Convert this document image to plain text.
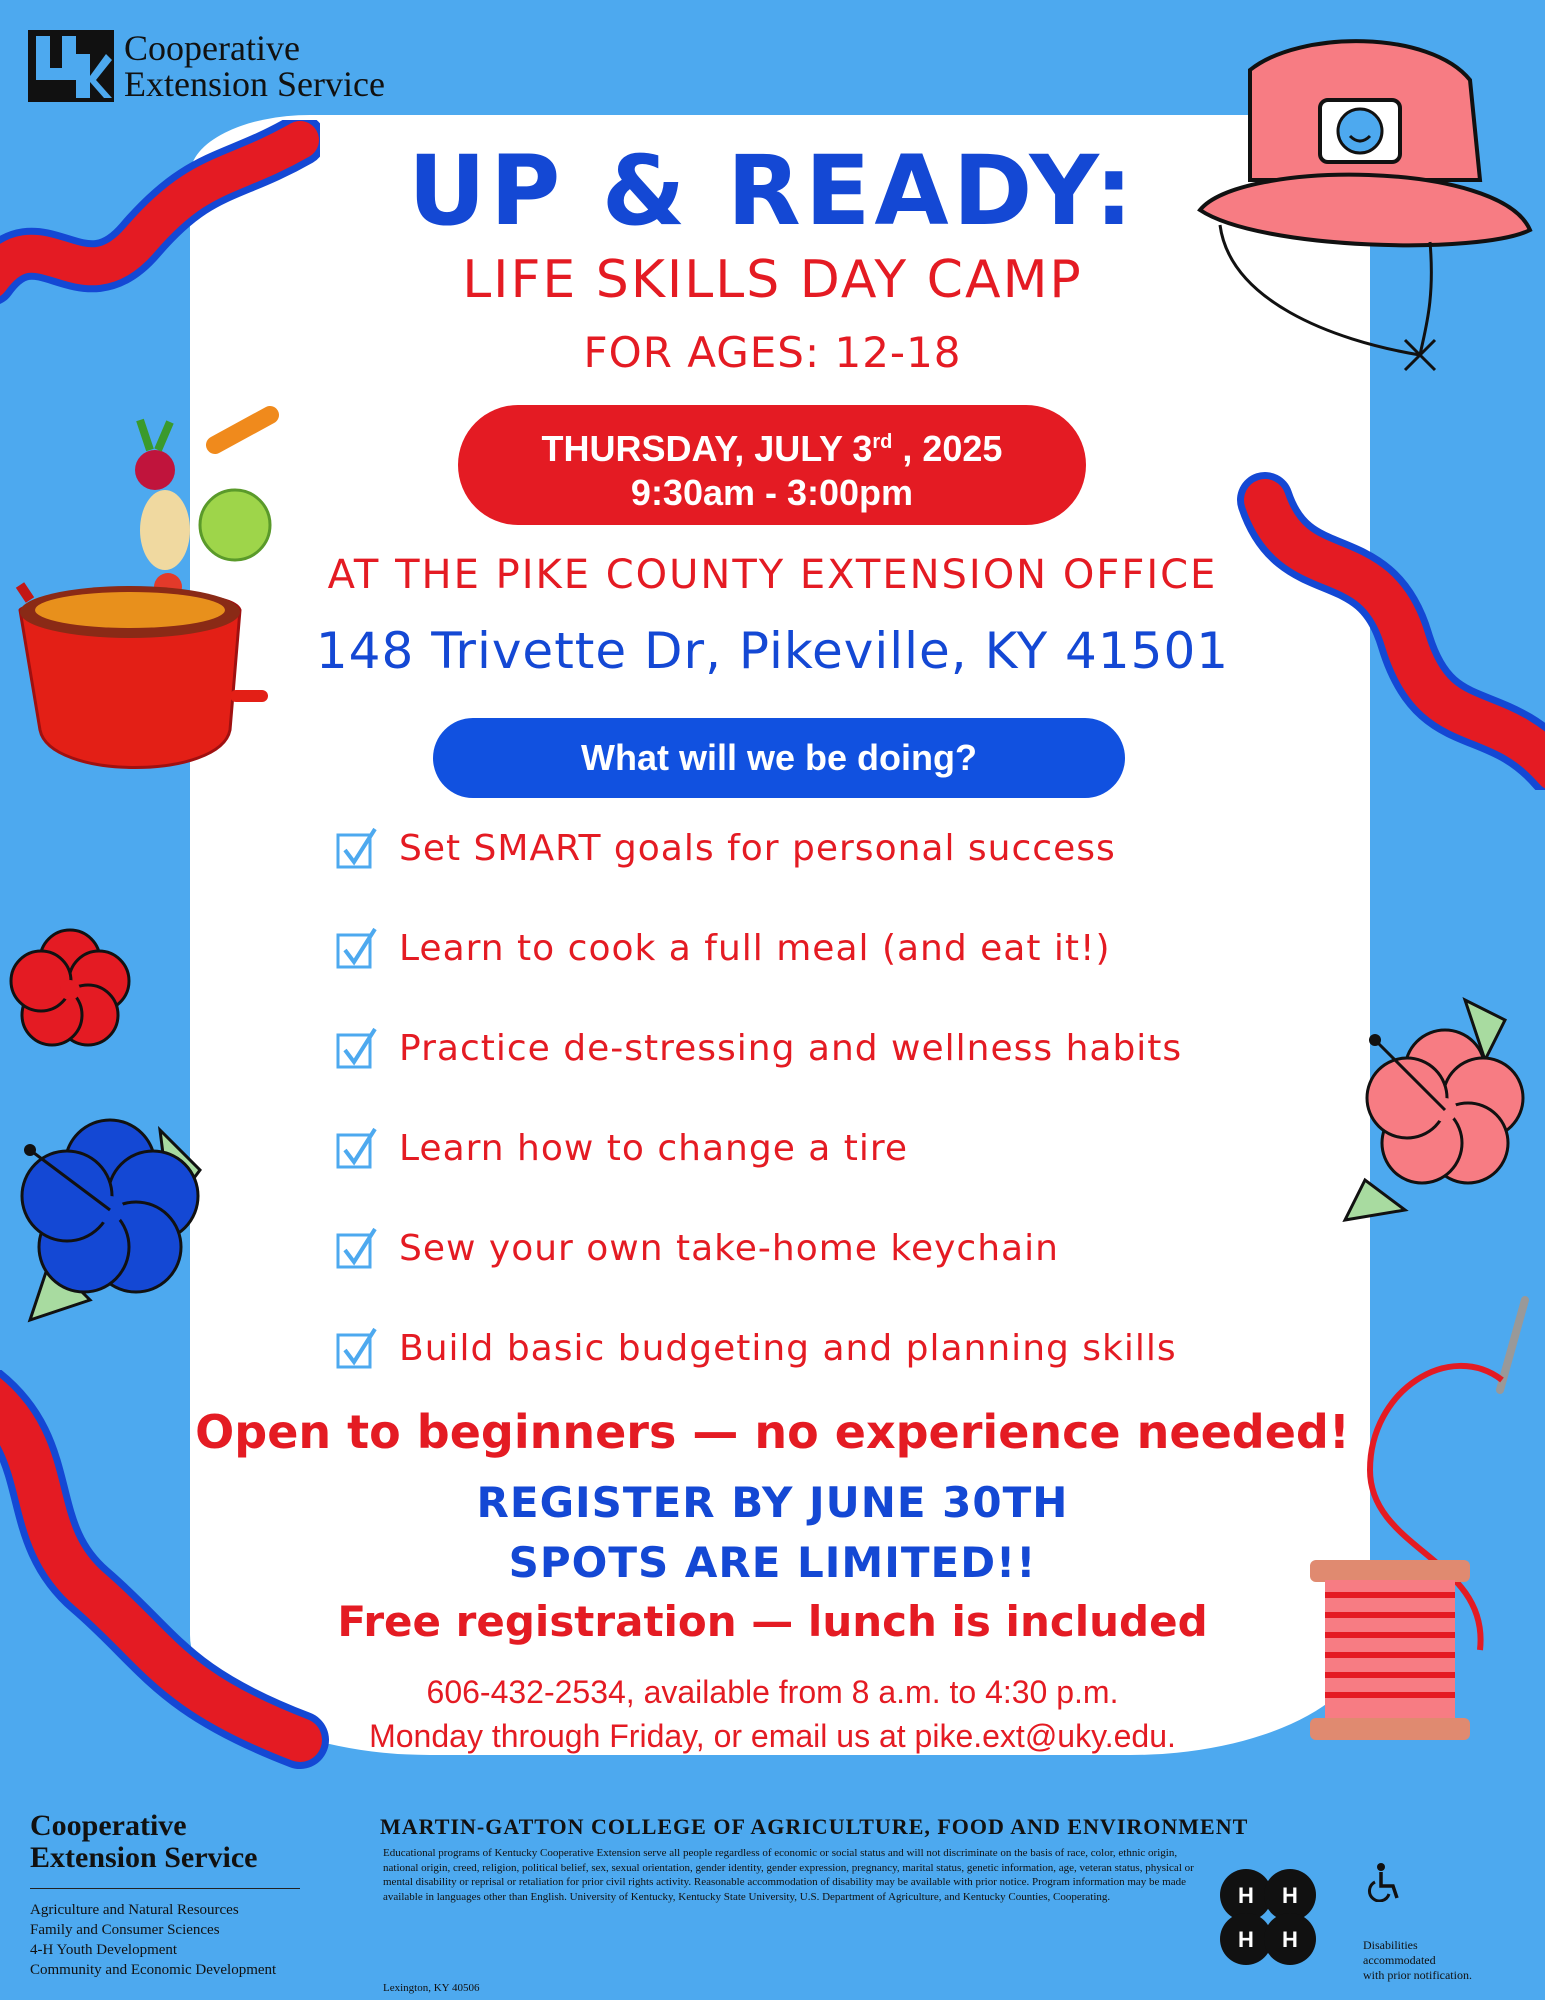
Cooperative
Extension Service
UP & READY:
LIFE SKILLS DAY CAMP
FOR AGES: 12-18
THURSDAY, JULY 3rd , 2025
9:30am - 3:00pm
AT THE PIKE COUNTY EXTENSION OFFICE
148 Trivette Dr, Pikeville, KY 41501
What will we be doing?
Set SMART goals for personal success
Learn to cook a full meal (and eat it!)
Practice de-stressing and wellness habits
Learn how to change a tire
Sew your own take-home keychain
Build basic budgeting and planning skills
Open to beginners — no experience needed!
REGISTER BY JUNE 30TH
SPOTS ARE LIMITED!!
Free registration — lunch is included
606-432-2534, available from 8 a.m. to 4:30 p.m.
Monday through Friday, or email us at pike.ext@uky.edu.
Cooperative
Extension Service
Agriculture and Natural Resources
Family and Consumer Sciences
4-H Youth Development
Community and Economic Development
MARTIN-GATTON COLLEGE OF AGRICULTURE, FOOD AND ENVIRONMENT
Educational programs of Kentucky Cooperative Extension serve all people regardless of economic or social status and will not discriminate on the basis of race, color, ethnic origin, national origin, creed, religion, political belief, sex, sexual orientation, gender identity, gender expression, pregnancy, marital status, genetic information, age, veteran status, physical or mental disability or reprisal or retaliation for prior civil rights activity. Reasonable accommodation of disability may be available with prior notice. Program information may be made available in languages other than English. University of Kentucky, Kentucky State University, U.S. Department of Agriculture, and Kentucky Counties, Cooperating.
Lexington, KY 40506
H H
H H	Disabilities
accommodated
with prior notification.
